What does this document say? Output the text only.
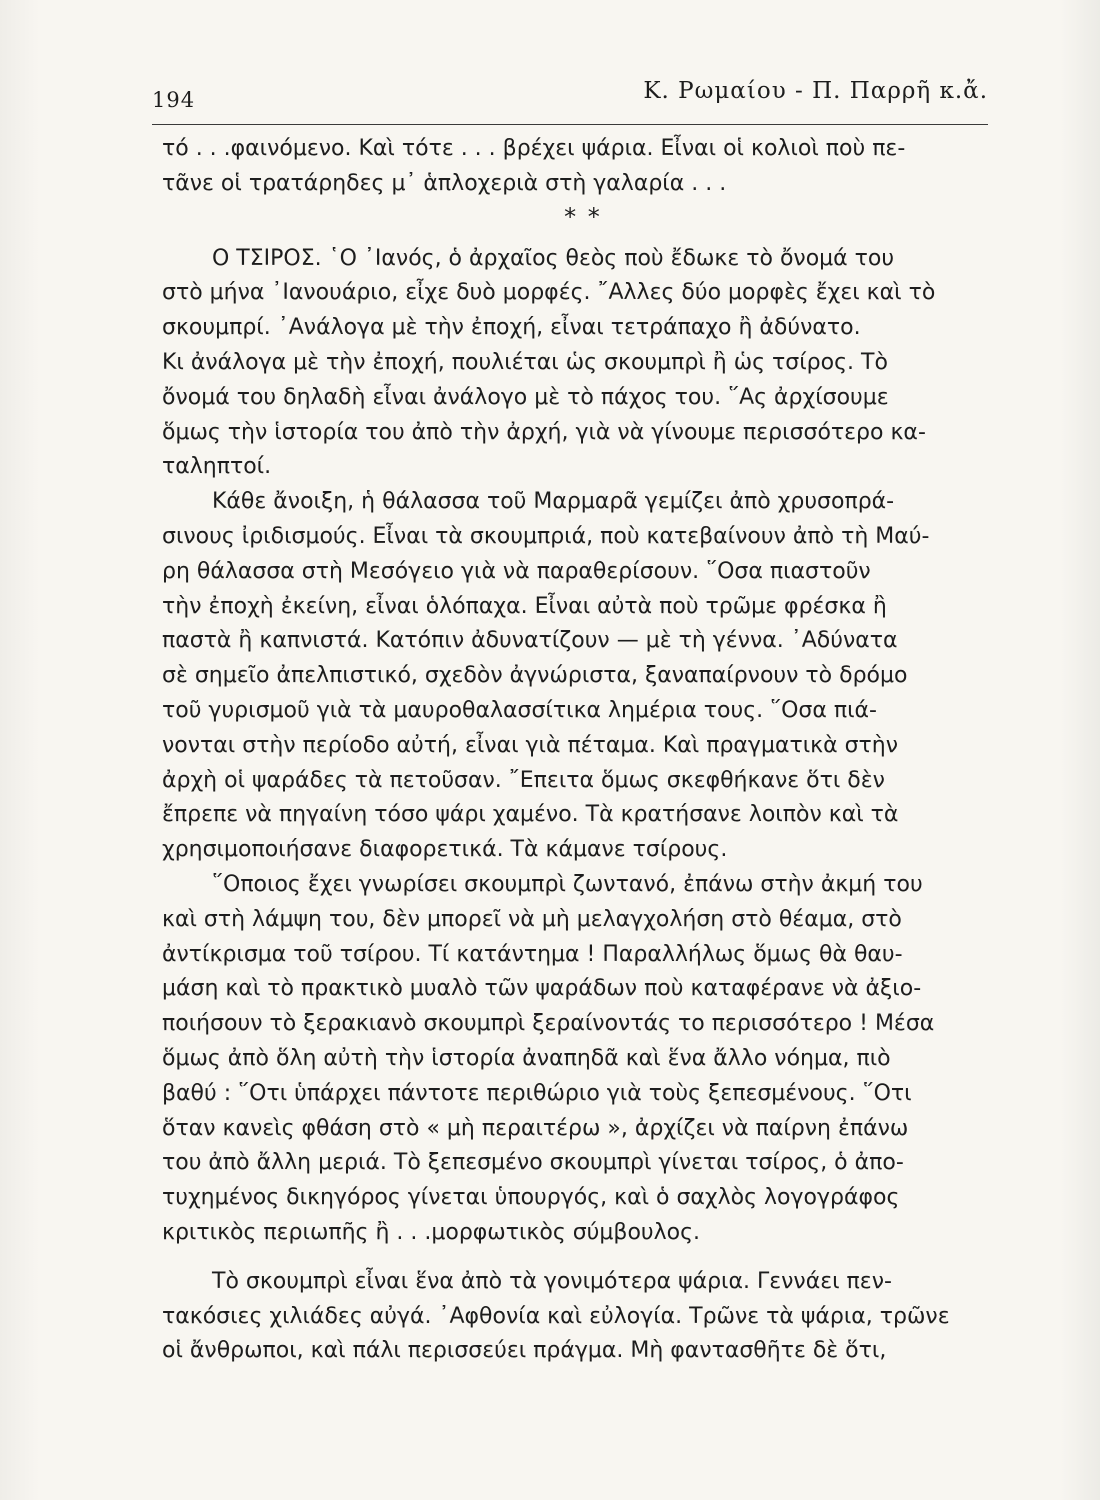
194	Κ. Ρωμαίου - Π. Παρρῆ κ.ἄ.
τό . . .φαινόμενο. Καὶ τότε . . . βρέχει ψάρια. Εἶναι οἱ κολιοὶ ποὺ πε-
τᾶνε οἱ τρατάρηδες μ᾽ ἁπλοχεριὰ στὴ γαλαρία . . .
* *
Ο ΤΣΙΡΟΣ. ῾Ο ᾽Ιανός, ὁ ἀρχαῖος θεὸς ποὺ ἔδωκε τὸ ὄνομά του
στὸ μήνα ᾽Ιανουάριο, εἶχε δυὸ μορφές. ῎Αλλες δύο μορφὲς ἔχει καὶ τὸ
σκουμπρί. ᾽Ανάλογα μὲ τὴν ἐποχή, εἶναι τετράπαχο ἢ ἀδύνατο.
Κι ἀνάλογα μὲ τὴν ἐποχή, πουλιέται ὡς σκουμπρὶ ἢ ὡς τσίρος. Τὸ
ὄνομά του δηλαδὴ εἶναι ἀνάλογο μὲ τὸ πάχος του. ῞Ας ἀρχίσουμε
ὅμως τὴν ἱστορία του ἀπὸ τὴν ἀρχή, γιὰ νὰ γίνουμε περισσότερο κα-
ταληπτοί.
Κάθε ἄνοιξη, ἡ θάλασσα τοῦ Μαρμαρᾶ γεμίζει ἀπὸ χρυσοπρά-
σινους ἰριδισμούς. Εἶναι τὰ σκουμπριά, ποὺ κατεβαίνουν ἀπὸ τὴ Μαύ-
ρη θάλασσα στὴ Μεσόγειο γιὰ νὰ παραθερίσουν. ῞Οσα πιαστοῦν
τὴν ἐποχὴ ἐκείνη, εἶναι ὁλόπαχα. Εἶναι αὐτὰ ποὺ τρῶμε φρέσκα ἢ
παστὰ ἢ καπνιστά. Κατόπιν ἀδυνατίζουν — μὲ τὴ γέννα. ᾽Αδύνατα
σὲ σημεῖο ἀπελπιστικό, σχεδὸν ἀγνώριστα, ξαναπαίρνουν τὸ δρόμο
τοῦ γυρισμοῦ γιὰ τὰ μαυροθαλασσίτικα λημέρια τους. ῞Οσα πιά-
νονται στὴν περίοδο αὐτή, εἶναι γιὰ πέταμα. Καὶ πραγματικὰ στὴν
ἀρχὴ οἱ ψαράδες τὰ πετοῦσαν. ῎Επειτα ὅμως σκεφθήκανε ὅτι δὲν
ἔπρεπε νὰ πηγαίνη τόσο ψάρι χαμένο. Τὰ κρατήσανε λοιπὸν καὶ τὰ
χρησιμοποιήσανε διαφορετικά. Τὰ κάμανε τσίρους.
῞Οποιος ἔχει γνωρίσει σκουμπρὶ ζωντανό, ἐπάνω στὴν ἀκμή του
καὶ στὴ λάμψη του, δὲν μπορεῖ νὰ μὴ μελαγχολήση στὸ θέαμα, στὸ
ἀντίκρισμα τοῦ τσίρου. Τί κατάντημα ! Παραλλήλως ὅμως θὰ θαυ-
μάση καὶ τὸ πρακτικὸ μυαλὸ τῶν ψαράδων ποὺ καταφέρανε νὰ ἀξιο-
ποιήσουν τὸ ξερακιανὸ σκουμπρὶ ξεραίνοντάς το περισσότερο ! Μέσα
ὅμως ἀπὸ ὅλη αὐτὴ τὴν ἱστορία ἀναπηδᾶ καὶ ἕνα ἄλλο νόημα, πιὸ
βαθύ : ῞Οτι ὑπάρχει πάντοτε περιθώριο γιὰ τοὺς ξεπεσμένους. ῞Οτι
ὅταν κανεὶς φθάση στὸ « μὴ περαιτέρω », ἀρχίζει νὰ παίρνη ἐπάνω
του ἀπὸ ἄλλη μεριά. Τὸ ξεπεσμένο σκουμπρὶ γίνεται τσίρος, ὁ ἀπο-
τυχημένος δικηγόρος γίνεται ὑπουργός, καὶ ὁ σαχλὸς λογογράφος
κριτικὸς περιωπῆς ἢ . . .μορφωτικὸς σύμβουλος.
Τὸ σκουμπρὶ εἶναι ἕνα ἀπὸ τὰ γονιμότερα ψάρια. Γεννάει πεν-
τακόσιες χιλιάδες αὐγά. ᾽Αφθονία καὶ εὐλογία. Τρῶνε τὰ ψάρια, τρῶνε
οἱ ἄνθρωποι, καὶ πάλι περισσεύει πράγμα. Μὴ φαντασθῆτε δὲ ὅτι,
